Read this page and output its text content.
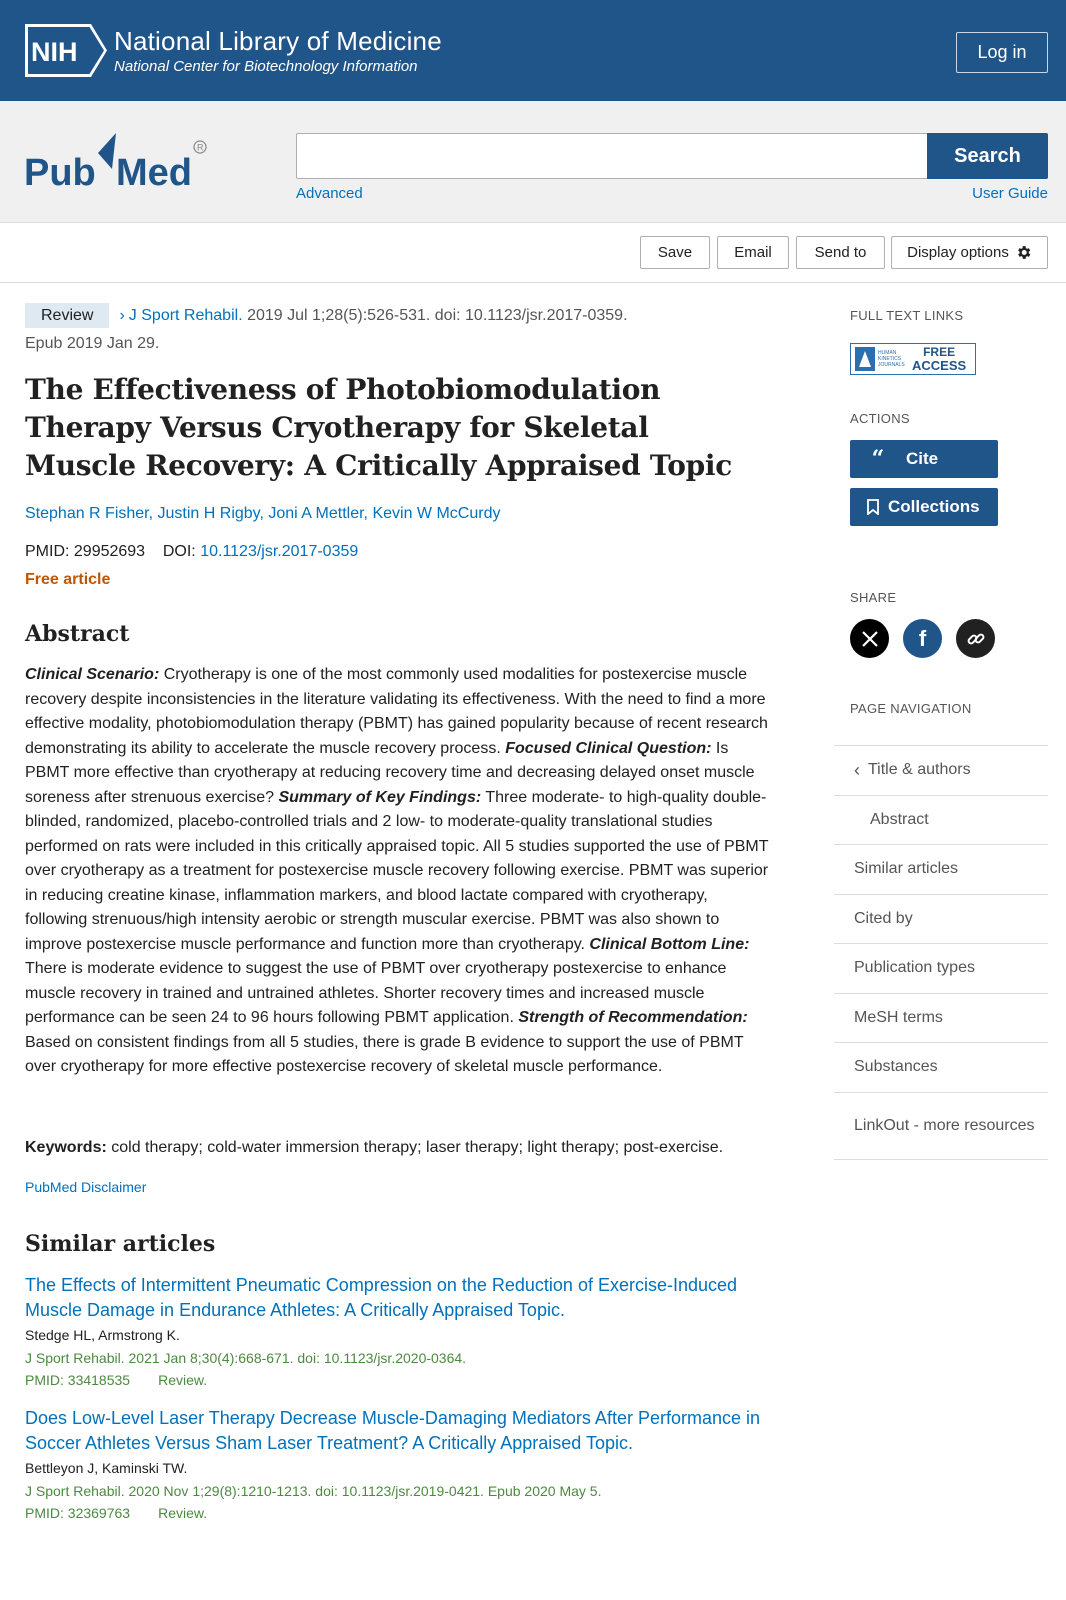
NIH National Library of Medicine
National Center for Biotechnology Information
Log in
Pub Med
R	Search
Advanced	User Guide
Save	Email	Send to	Display options
Review › J Sport Rehabil. 2019 Jul 1;28(5):526-531. doi: 10.1123/jsr.2017-0359.
Epub 2019 Jan 29.
The Effectiveness of Photobiomodulation Therapy Versus Cryotherapy for Skeletal Muscle Recovery: A Critically Appraised Topic
Stephan R Fisher, Justin H Rigby, Joni A Mettler, Kevin W McCurdy
PMID: 29952693 DOI: 10.1123/jsr.2017-0359
Free article
Abstract
Clinical Scenario: Cryotherapy is one of the most commonly used modalities for postexercise muscle recovery despite inconsistencies in the literature validating its effectiveness. With the need to find a more effective modality, photobiomodulation therapy (PBMT) has gained popularity because of recent research demonstrating its ability to accelerate the muscle recovery process. Focused Clinical Question: Is PBMT more effective than cryotherapy at reducing recovery time and decreasing delayed onset muscle soreness after strenuous exercise? Summary of Key Findings: Three moderate- to high-quality double-blinded, randomized, placebo-controlled trials and 2 low- to moderate-quality translational studies performed on rats were included in this critically appraised topic. All 5 studies supported the use of PBMT over cryotherapy as a treatment for postexercise muscle recovery following exercise. PBMT was superior in reducing creatine kinase, inflammation markers, and blood lactate compared with cryotherapy, following strenuous/high intensity aerobic or strength muscular exercise. PBMT was also shown to improve postexercise muscle performance and function more than cryotherapy. Clinical Bottom Line: There is moderate evidence to suggest the use of PBMT over cryotherapy postexercise to enhance muscle recovery in trained and untrained athletes. Shorter recovery times and increased muscle performance can be seen 24 to 96 hours following PBMT application. Strength of Recommendation: Based on consistent findings from all 5 studies, there is grade B evidence to support the use of PBMT over cryotherapy for more effective postexercise recovery of skeletal muscle performance.
Keywords: cold therapy; cold-water immersion therapy; laser therapy; light therapy; post-exercise.
PubMed Disclaimer
Similar articles
The Effects of Intermittent Pneumatic Compression on the Reduction of Exercise-Induced Muscle Damage in Endurance Athletes: A Critically Appraised Topic.
Stedge HL, Armstrong K.
J Sport Rehabil. 2021 Jan 8;30(4):668-671. doi: 10.1123/jsr.2020-0364.
PMID: 33418535 Review.
Does Low-Level Laser Therapy Decrease Muscle-Damaging Mediators After Performance in Soccer Athletes Versus Sham Laser Treatment? A Critically Appraised Topic.
Bettleyon J, Kaminski TW.
J Sport Rehabil. 2020 Nov 1;29(8):1210-1213. doi: 10.1123/jsr.2019-0421. Epub 2020 May 5.
PMID: 32369763 Review.
FULL TEXT LINKS
HUMAN KINETICS JOURNALS
FREE
ACCESS
ACTIONS
“	Cite
Collections
SHARE
f
PAGE NAVIGATION
‹ Title & authors
Abstract
Similar articles
Cited by
Publication types
MeSH terms
Substances
LinkOut - more resources
